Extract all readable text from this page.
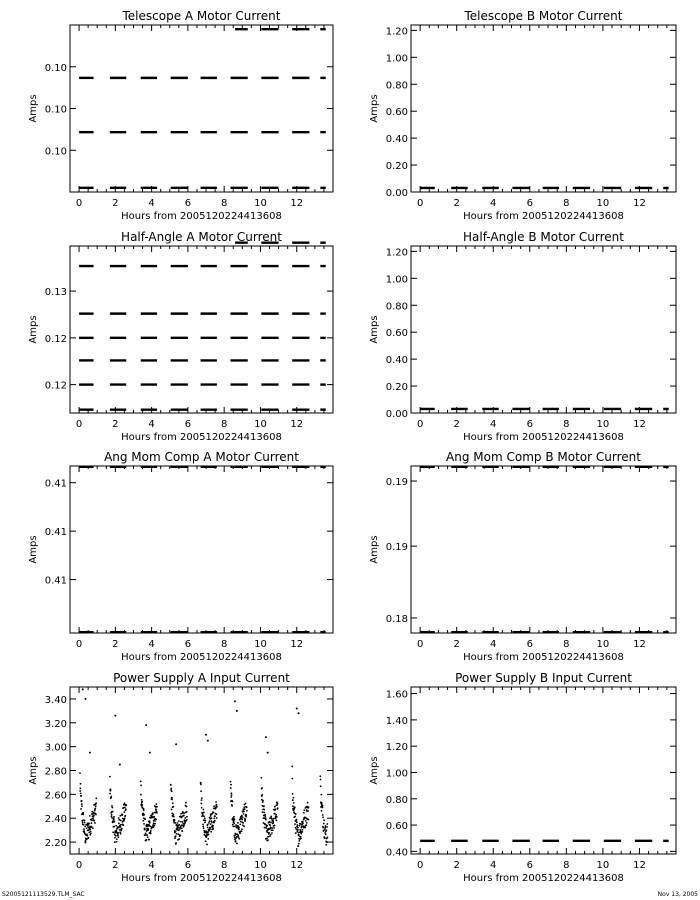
Telescope A Motor Current
0	2	4	6	8	10 12
0.10
0.10
0.10
Hours from 2005120224413608
Amps
Telescope B Motor Current
0	2	4	6	8	10 12
0.00
0.20
0.40
0.60
0.80
1.00
1.20
Hours from 2005120224413608
Amps
Half-Angle A Motor Current
0	2	4	6	8	10 12
0.12
0.12
0.13
Hours from 2005120224413608
Amps
Half-Angle B Motor Current
0	2	4	6	8	10 12
0.00
0.20
0.40
0.60
0.80
1.00
1.20
Hours from 2005120224413608
Amps
Ang Mom Comp A Motor Current
0	2	4	6	8	10 12
0.41
0.41
0.41
Hours from 2005120224413608
Amps
Ang Mom Comp B Motor Current
0	2	4	6	8	10 12
0.18
0.19
0.19
Hours from 2005120224413608
Amps
Power Supply A Input Current
0	2	4	6	8	10 12
2.20
2.40
2.60
2.80
3.00
3.20
3.40
Hours from 2005120224413608
Amps
Power Supply B Input Current
0	2	4	6	8	10 12
0.40
0.60
0.80
1.00
1.20
1.40
1.60
Hours from 2005120224413608
Amps
S2005121113529.TLM_SAC	Nov 13, 2005
